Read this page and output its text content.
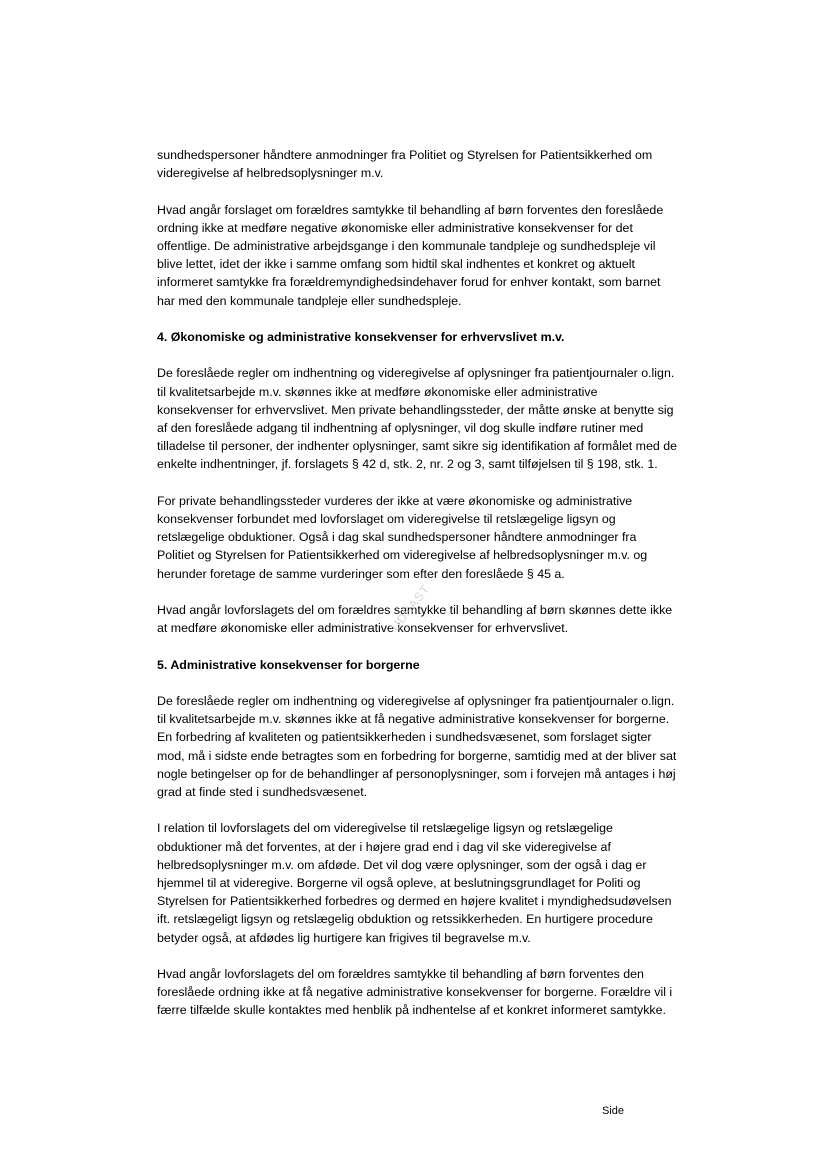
sundhedspersoner håndtere anmodninger fra Politiet og Styrelsen for Patientsikkerhed om videregivelse af helbredsoplysninger m.v.

Hvad angår forslaget om forældres samtykke til behandling af børn forventes den foreslåede ordning ikke at medføre negative økonomiske eller administrative konsekvenser for det offentlige. De administrative arbejdsgange i den kommunale tandpleje og sundhedspleje vil blive lettet, idet der ikke i samme omfang som hidtil skal indhentes et konkret og aktuelt informeret samtykke fra forældremyndighedsindehaver forud for enhver kontakt, som barnet har med den kommunale tandpleje eller sundhedspleje.

4. Økonomiske og administrative konsekvenser for erhvervslivet m.v.

De foreslåede regler om indhentning og videregivelse af oplysninger fra patientjournaler o.lign. til kvalitetsarbejde m.v. skønnes ikke at medføre økonomiske eller administrative konsekvenser for erhvervslivet. Men private behandlingssteder, der måtte ønske at benytte sig af den foreslåede adgang til indhentning af oplysninger, vil dog skulle indføre rutiner med tilladelse til personer, der indhenter oplysninger, samt sikre sig identifikation af formålet med de enkelte indhentninger, jf. forslagets § 42 d, stk. 2, nr. 2 og 3, samt tilføjelsen til § 198, stk. 1.

For private behandlingssteder vurderes der ikke at være økonomiske og administrative konsekvenser forbundet med lovforslaget om videregivelse til retslægelige ligsyn og retslægelige obduktioner. Også i dag skal sundhedspersoner håndtere anmodninger fra Politiet og Styrelsen for Patientsikkerhed om videregivelse af helbredsoplysninger m.v. og herunder foretage de samme vurderinger som efter den foreslåede § 45 a.

Hvad angår lovforslagets del om forældres samtykke til behandling af børn skønnes dette ikke at medføre økonomiske eller administrative konsekvenser for erhvervslivet.

5. Administrative konsekvenser for borgerne

De foreslåede regler om indhentning og videregivelse af oplysninger fra patientjournaler o.lign. til kvalitetsarbejde m.v. skønnes ikke at få negative administrative konsekvenser for borgerne. En forbedring af kvaliteten og patientsikkerheden i sundhedsvæsenet, som forslaget sigter mod, må i sidste ende betragtes som en forbedring for borgerne, samtidig med at der bliver sat nogle betingelser op for de behandlinger af personoplysninger, som i forvejen må antages i høj grad at finde sted i sundhedsvæsenet.

I relation til lovforslagets del om videregivelse til retslægelige ligsyn og retslægelige obduktioner må det forventes, at der i højere grad end i dag vil ske videregivelse af helbredsoplysninger m.v. om afdøde. Det vil dog være oplysninger, som der også i dag er hjemmel til at videregive. Borgerne vil også opleve, at beslutningsgrundlaget for Politi og Styrelsen for Patientsikkerhed forbedres og dermed en højere kvalitet i myndighedsudøvelsen ift. retslægeligt ligsyn og retslægelig obduktion og retssikkerheden. En hurtigere procedure betyder også, at afdødes lig hurtigere kan frigives til begravelse m.v.

Hvad angår lovforslagets del om forældres samtykke til behandling af børn forventes den foreslåede ordning ikke at få negative administrative konsekvenser for borgerne. Forældre vil i færre tilfælde skulle kontaktes med henblik på indhentelse af et konkret informeret samtykke.

UDKAST
Side
